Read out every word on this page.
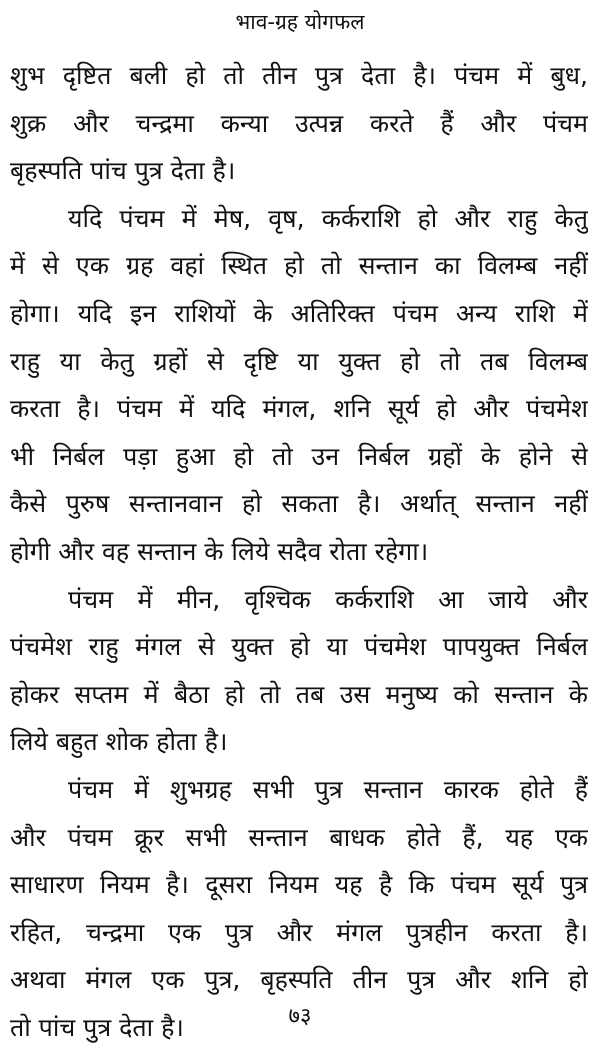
भाव-ग्रह योगफल
शुभ दृष्टित बली हो तो तीन पुत्र देता है। पंचम में बुध,
शुक्र और चन्द्रमा कन्या उत्पन्न करते हैं और पंचम
बृहस्पति पांच पुत्र देता है।
यदि पंचम में मेष, वृष, कर्कराशि हो और राहु केतु
में से एक ग्रह वहां स्थित हो तो सन्तान का विलम्ब नहीं
होगा। यदि इन राशियों के अतिरिक्त पंचम अन्य राशि में
राहु या केतु ग्रहों से दृष्टि या युक्त हो तो तब विलम्ब
करता है। पंचम में यदि मंगल, शनि सूर्य हो और पंचमेश
भी निर्बल पड़ा हुआ हो तो उन निर्बल ग्रहों के होने से
कैसे पुरुष सन्तानवान हो सकता है। अर्थात् सन्तान नहीं
होगी और वह सन्तान के लिये सदैव रोता रहेगा।
पंचम में मीन, वृश्चिक कर्कराशि आ जाये और
पंचमेश राहु मंगल से युक्त हो या पंचमेश पापयुक्त निर्बल
होकर सप्तम में बैठा हो तो तब उस मनुष्य को सन्तान के
लिये बहुत शोक होता है।
पंचम में शुभग्रह सभी पुत्र सन्तान कारक होते हैं
और पंचम क्रूर सभी सन्तान बाधक होते हैं, यह एक
साधारण नियम है। दूसरा नियम यह है कि पंचम सूर्य पुत्र
रहित, चन्द्रमा एक पुत्र और मंगल पुत्रहीन करता है।
अथवा मंगल एक पुत्र, बृहस्पति तीन पुत्र और शनि हो
तो पांच पुत्र देता है।	७३
